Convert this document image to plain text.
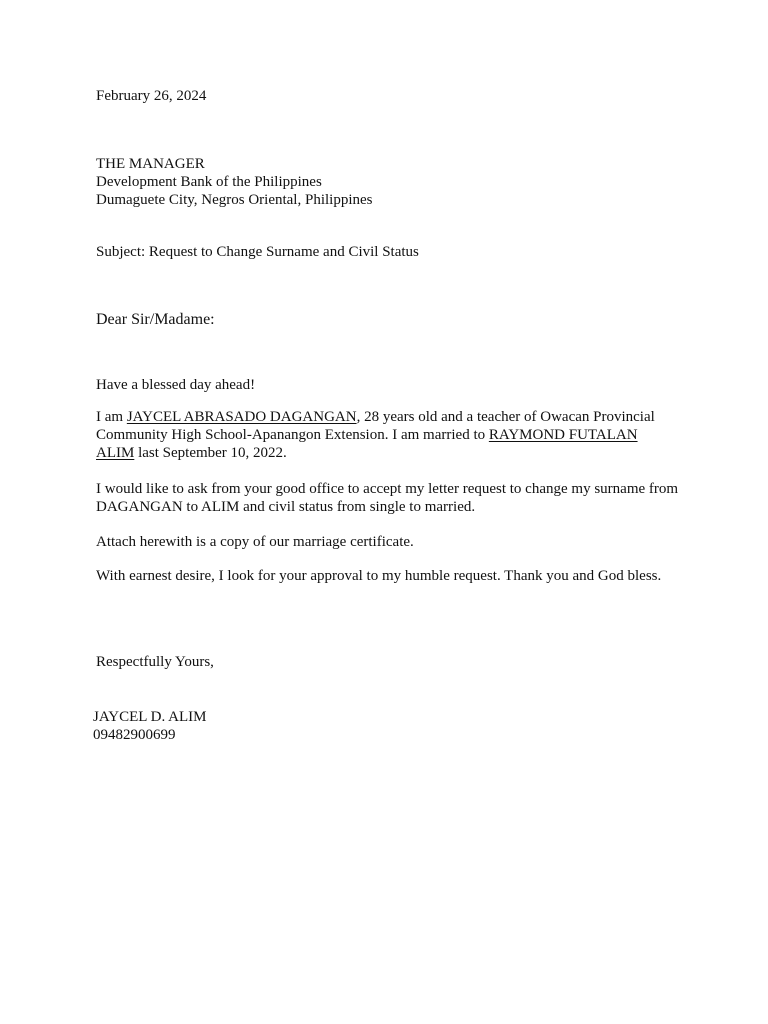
February 26, 2024
THE MANAGER
Development Bank of the Philippines
Dumaguete City, Negros Oriental, Philippines
Subject: Request to Change Surname and Civil Status
Dear Sir/Madame:
Have a blessed day ahead!
I am JAYCEL ABRASADO DAGANGAN, 28 years old and a teacher of Owacan Provincial
Community High School-Apanangon Extension. I am married to RAYMOND FUTALAN
ALIM last September 10, 2022.
I would like to ask from your good office to accept my letter request to change my surname from
DAGANGAN to ALIM and civil status from single to married.
Attach herewith is a copy of our marriage certificate.
With earnest desire, I look for your approval to my humble request. Thank you and God bless.
Respectfully Yours,
JAYCEL D. ALIM
09482900699
